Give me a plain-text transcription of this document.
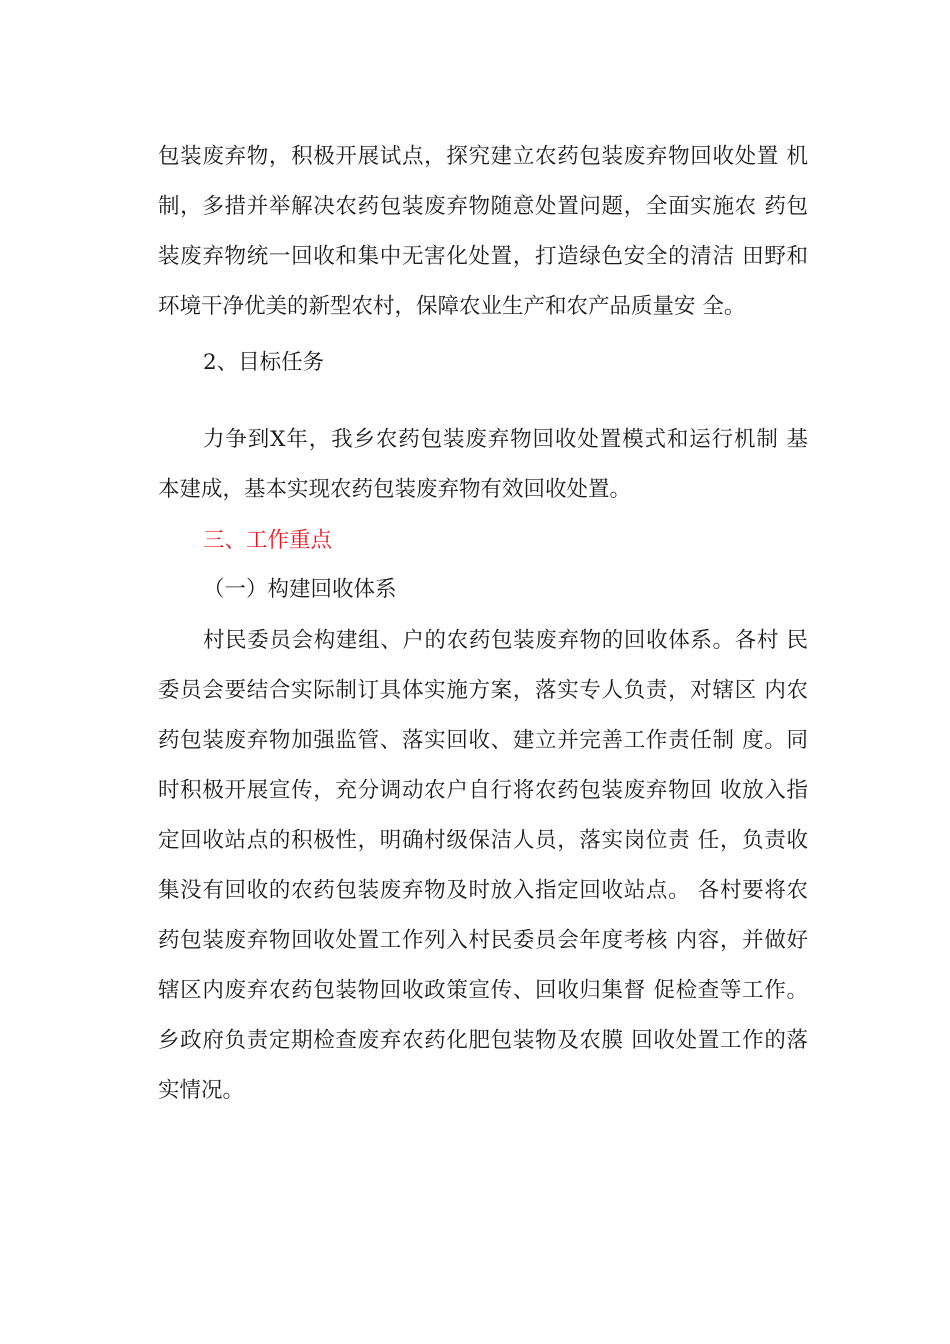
包装废弃物，积极开展试点，探究建立农药包装废弃物回收处置 机
制，多措并举解决农药包装废弃物随意处置问题，全面实施农 药包
装废弃物统一回收和集中无害化处置，打造绿色安全的清洁 田野和
环境干净优美的新型农村，保障农业生产和农产品质量安 全。
2、目标任务
力争到X年，我乡农药包装废弃物回收处置模式和运行机制 基
本建成，基本实现农药包装废弃物有效回收处置。
三、工作重点
（一）构建回收体系
村民委员会构建组、户的农药包装废弃物的回收体系。各村 民
委员会要结合实际制订具体实施方案，落实专人负责，对辖区 内农
药包装废弃物加强监管、落实回收、建立并完善工作责任制 度。同
时积极开展宣传，充分调动农户自行将农药包装废弃物回 收放入指
定回收站点的积极性，明确村级保洁人员，落实岗位责 任，负责收
集没有回收的农药包装废弃物及时放入指定回收站点。 各村要将农
药包装废弃物回收处置工作列入村民委员会年度考核 内容，并做好
辖区内废弃农药包装物回收政策宣传、回收归集督 促检查等工作。
乡政府负责定期检查废弃农药化肥包装物及农膜 回收处置工作的落
实情况。
